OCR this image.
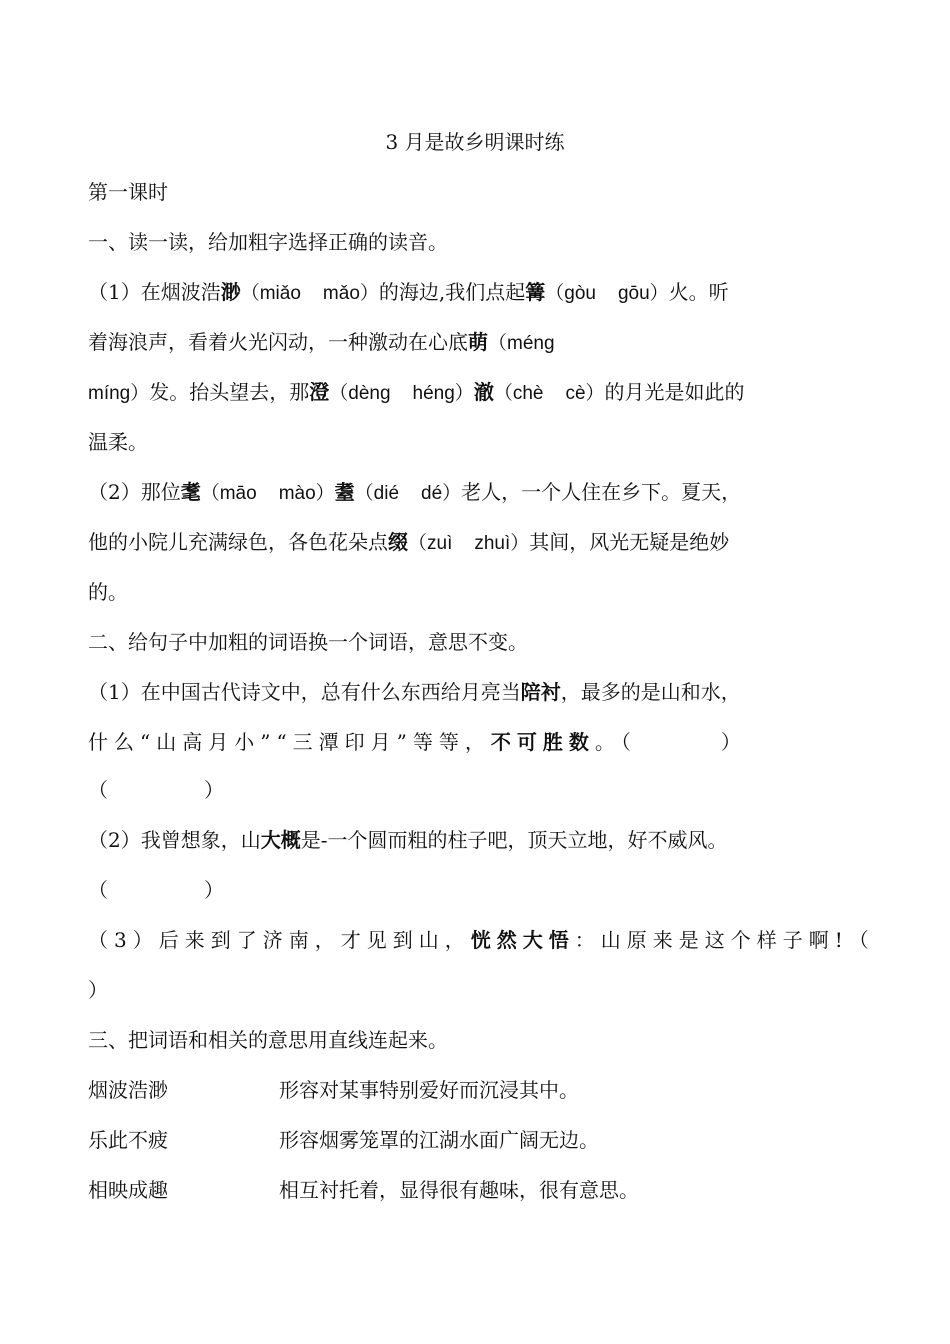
3 月是故乡明课时练
第一课时
一、读一读，给加粗字选择正确的读音。
（1）在烟波浩渺（miǎo mǎo）的海边,我们点起篝（gòu gōu）火。听
着海浪声，看着火光闪动，一种激动在心底萌（méng
míng）发。抬头望去，那澄（dèng héng）澈（chè cè）的月光是如此的
温柔。
（2）那位耄（māo mào）耋（dié dé）老人，一个人住在乡下。夏天，
他的小院儿充满绿色，各色花朵点缀（zuì zhuì）其间，风光无疑是绝妙
的。
二、给句子中加粗的词语换一个词语，意思不变。
（1）在中国古代诗文中，总有什么东西给月亮当陪衬，最多的是山和水，
什么“山高月小”“三潭印月”等等，不可胜数。（	）
（	）
（2）我曾想象，山大概是-一个圆而粗的柱子吧，顶天立地，好不威风。
（	）
（3）后来到了济南，才见到山，恍然大悟：山原来是这个样子啊!（
）
三、把词语和相关的意思用直线连起来。
烟波浩渺	形容对某事特别爱好而沉浸其中。
乐此不疲	形容烟雾笼罩的江湖水面广阔无边。
相映成趣	相互衬托着，显得很有趣味，很有意思。
